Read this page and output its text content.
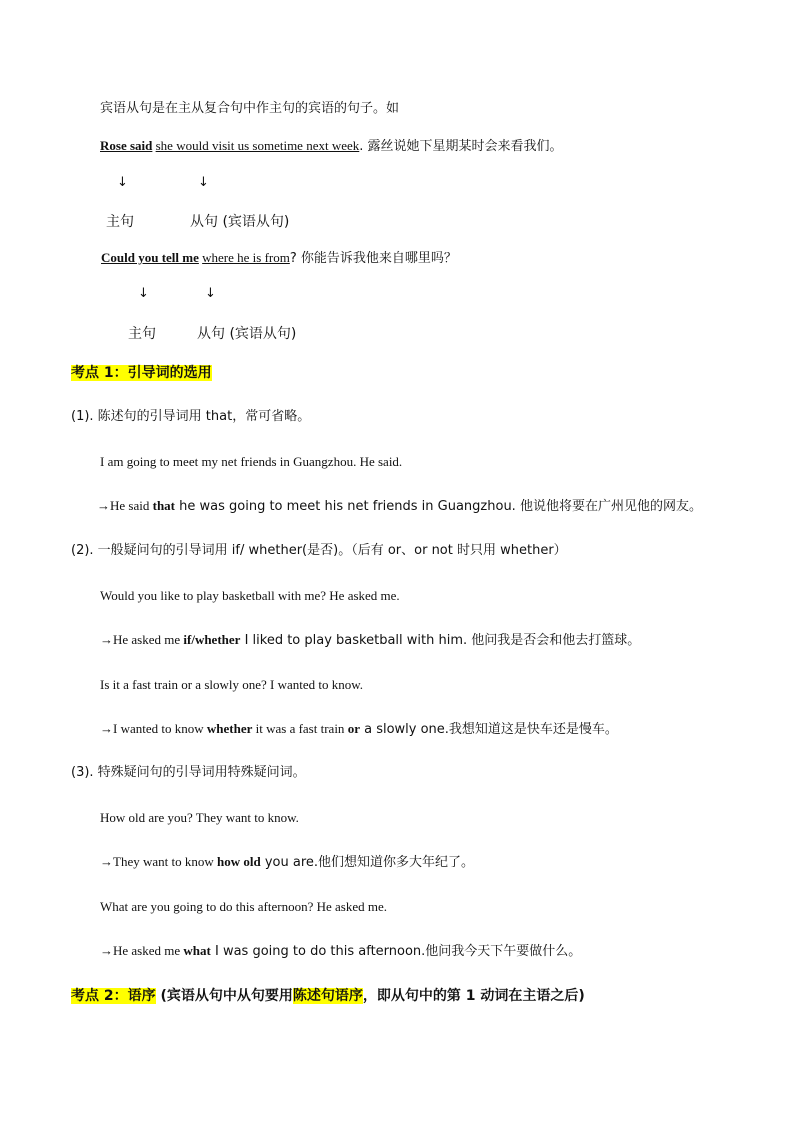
宾语从句是在主从复合句中作主句的宾语的句子。如
Rose said she would visit us sometime next week. 露丝说她下星期某时会来看我们。
↓	↓
主句	从句 (宾语从句)
Could you tell me where he is from? 你能告诉我他来自哪里吗？
↓	↓
主句	从句 (宾语从句)
考点 1：引导词的选用
(1). 陈述句的引导词用 that，常可省略。
I am going to meet my net friends in Guangzhou. He said.
→He said that he was going to meet his net friends in Guangzhou. 他说他将要在广州见他的网友。
(2). 一般疑问句的引导词用 if/ whether(是否)。（后有 or、or not 时只用 whether）
Would you like to play basketball with me? He asked me.
→He asked me if/whether I liked to play basketball with him. 他问我是否会和他去打篮球。
Is it a fast train or a slowly one? I wanted to know.
→I wanted to know whether it was a fast train or a slowly one.我想知道这是快车还是慢车。
(3). 特殊疑问句的引导词用特殊疑问词。
How old are you? They want to know.
→They want to know how old you are.他们想知道你多大年纪了。
What are you going to do this afternoon? He asked me.
→He asked me what I was going to do this afternoon.他问我今天下午要做什么。
考点 2：语序 (宾语从句中从句要用陈述句语序，即从句中的第 1 动词在主语之后)
